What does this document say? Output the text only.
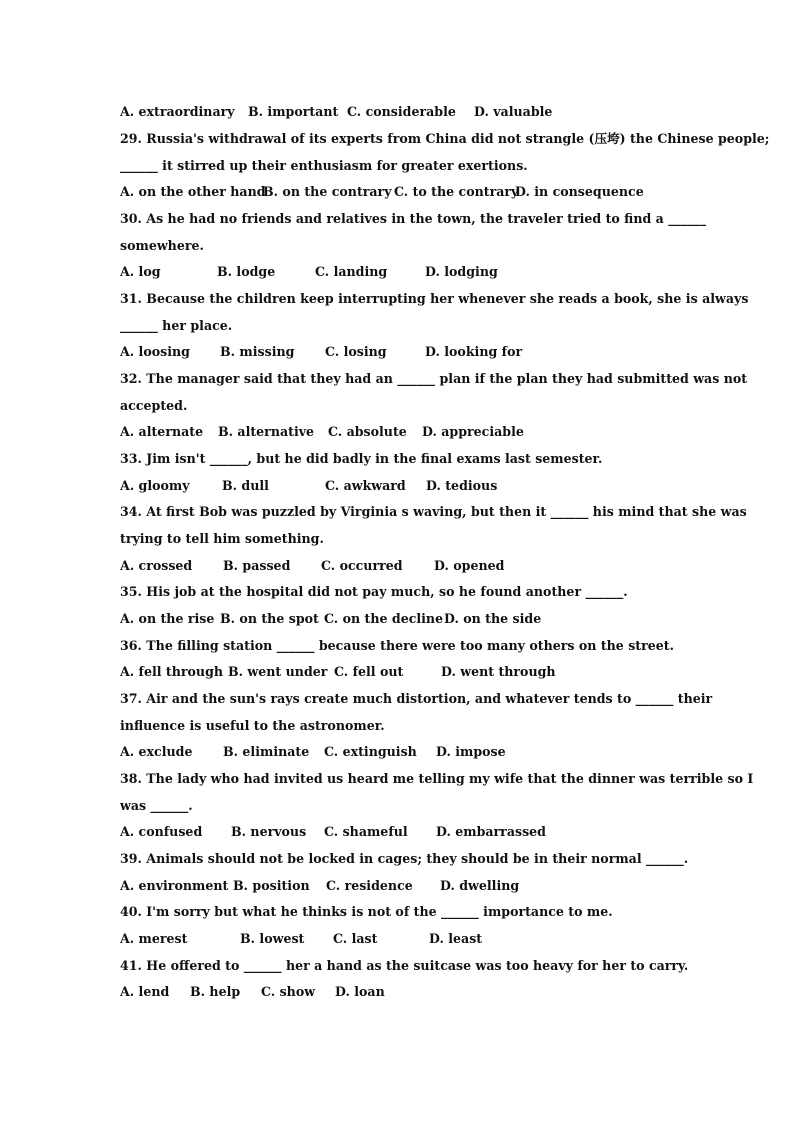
A. extraordinary B. important C. considerable D. valuable
29. Russia's withdrawal of its experts from China did not strangle (压垮) the Chinese people;
______ it stirred up their enthusiasm for greater exertions.
A. on the other hand
B. on the contrary C. to the contrary
D. in consequence
30. As he had no friends and relatives in the town, the traveler tried to find a ______
somewhere.
A. log	B. lodge	C. landing	D. lodging
31. Because the children keep interrupting her whenever she reads a book, she is always
______ her place.
A. loosing B. missing C. losing	D. looking for
32. The manager said that they had an ______ plan if the plan they had submitted was not
accepted.
A. alternate B. alternative C. absolute D. appreciable
33. Jim isn't ______, but he did badly in the final exams last semester.
A. gloomy	B. dull	C. awkward D. tedious
34. At first Bob was puzzled by Virginia s waving, but then it ______ his mind that she was
trying to tell him something.
A. crossed B. passed C. occurred D. opened
35. His job at the hospital did not pay much, so he found another ______.
A. on the rise B. on the spot C. on the decline D. on the side
36. The filling station ______ because there were too many others on the street.
A. fell through B. went under C. fell out	D. went through
37. Air and the sun's rays create much distortion, and whatever tends to ______ their
influence is useful to the astronomer.
A. exclude B. eliminate C. extinguish D. impose
38. The lady who had invited us heard me telling my wife that the dinner was terrible so I
was ______.
A. confused B. nervous C. shameful D. embarrassed
39. Animals should not be locked in cages; they should be in their normal ______.
A. environment B. position C. residence D. dwelling
40. I'm sorry but what he thinks is not of the ______ importance to me.
A. merest	B. lowest C. last	D. least
41. He offered to ______ her a hand as the suitcase was too heavy for her to carry.
A. lend B. help C. show D. loan
